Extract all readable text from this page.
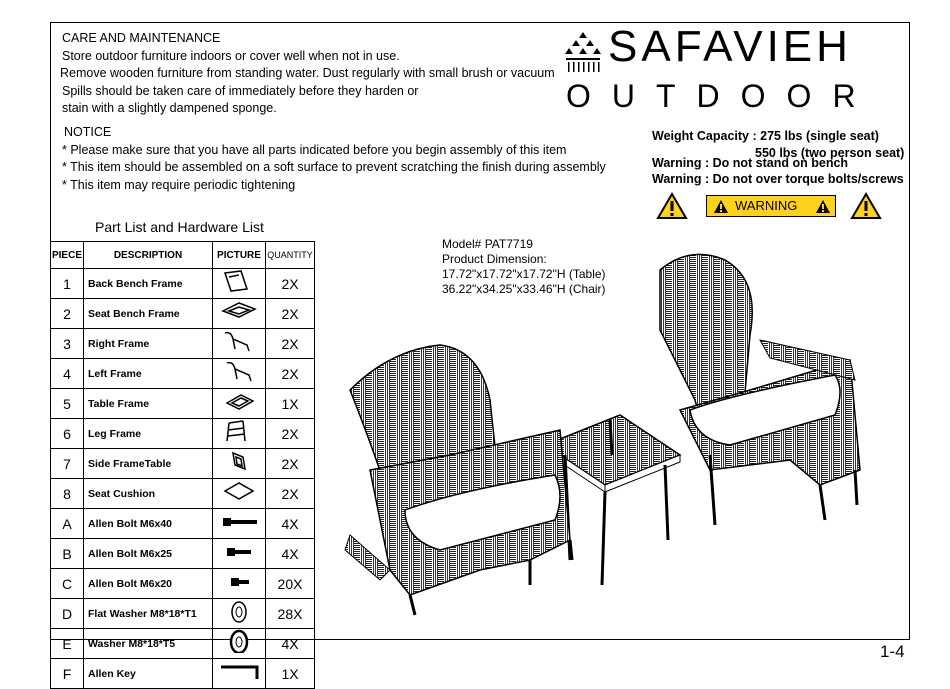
CARE AND MAINTENANCE
Store outdoor furniture indoors or cover well when not in use.
Remove wooden furniture from standing water. Dust regularly with small brush or vacuum
Spills should be taken care of immediately before they harden or
stain with a slightly dampened sponge.
NOTICE
* Please make sure that you have all parts indicated before you begin assembly of this item
* This item should be assembled on a soft surface to prevent scratching the finish during assembly
* This item may require periodic tightening
SAFAVIEH
OUTDOOR
Weight Capacity : 275 lbs (single seat)
550 lbs (two person seat)
Warning : Do not stand on bench
Warning : Do not over torque bolts/screws
WARNING
Part List and Hardware List
PIECE	DESCRIPTION	PICTURE	QUANTITY
1	Back Bench Frame		2X
2	Seat Bench Frame		2X
3	Right Frame		2X
4	Left Frame		2X
5	Table Frame		1X
6	Leg Frame		2X
7	Side FrameTable		2X
8	Seat Cushion		2X
A	Allen Bolt M6x40		4X
B	Allen Bolt M6x25		4X
C	Allen Bolt M6x20		20X
D	Flat Washer M8*18*T1		28X
E	Washer M8*18*T5		4X
F	Allen Key		1X
Model# PAT7719
Product Dimension:
17.72"x17.72"x17.72"H (Table)
36.22"x34.25"x33.46"H (Chair)
1-4
